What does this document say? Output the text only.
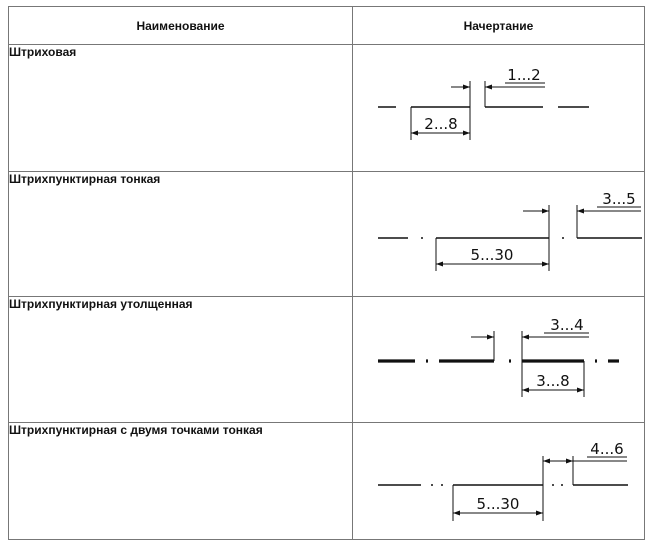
Наименование	Начертание
Штриховая	1...2
2...8

Штрихпунктирная тонкая	3...5
5...30

Штрихпунктирная утолщенная	3...4
3...8

Штрихпунктирная с двумя точками тонкая	4...6
5...30
